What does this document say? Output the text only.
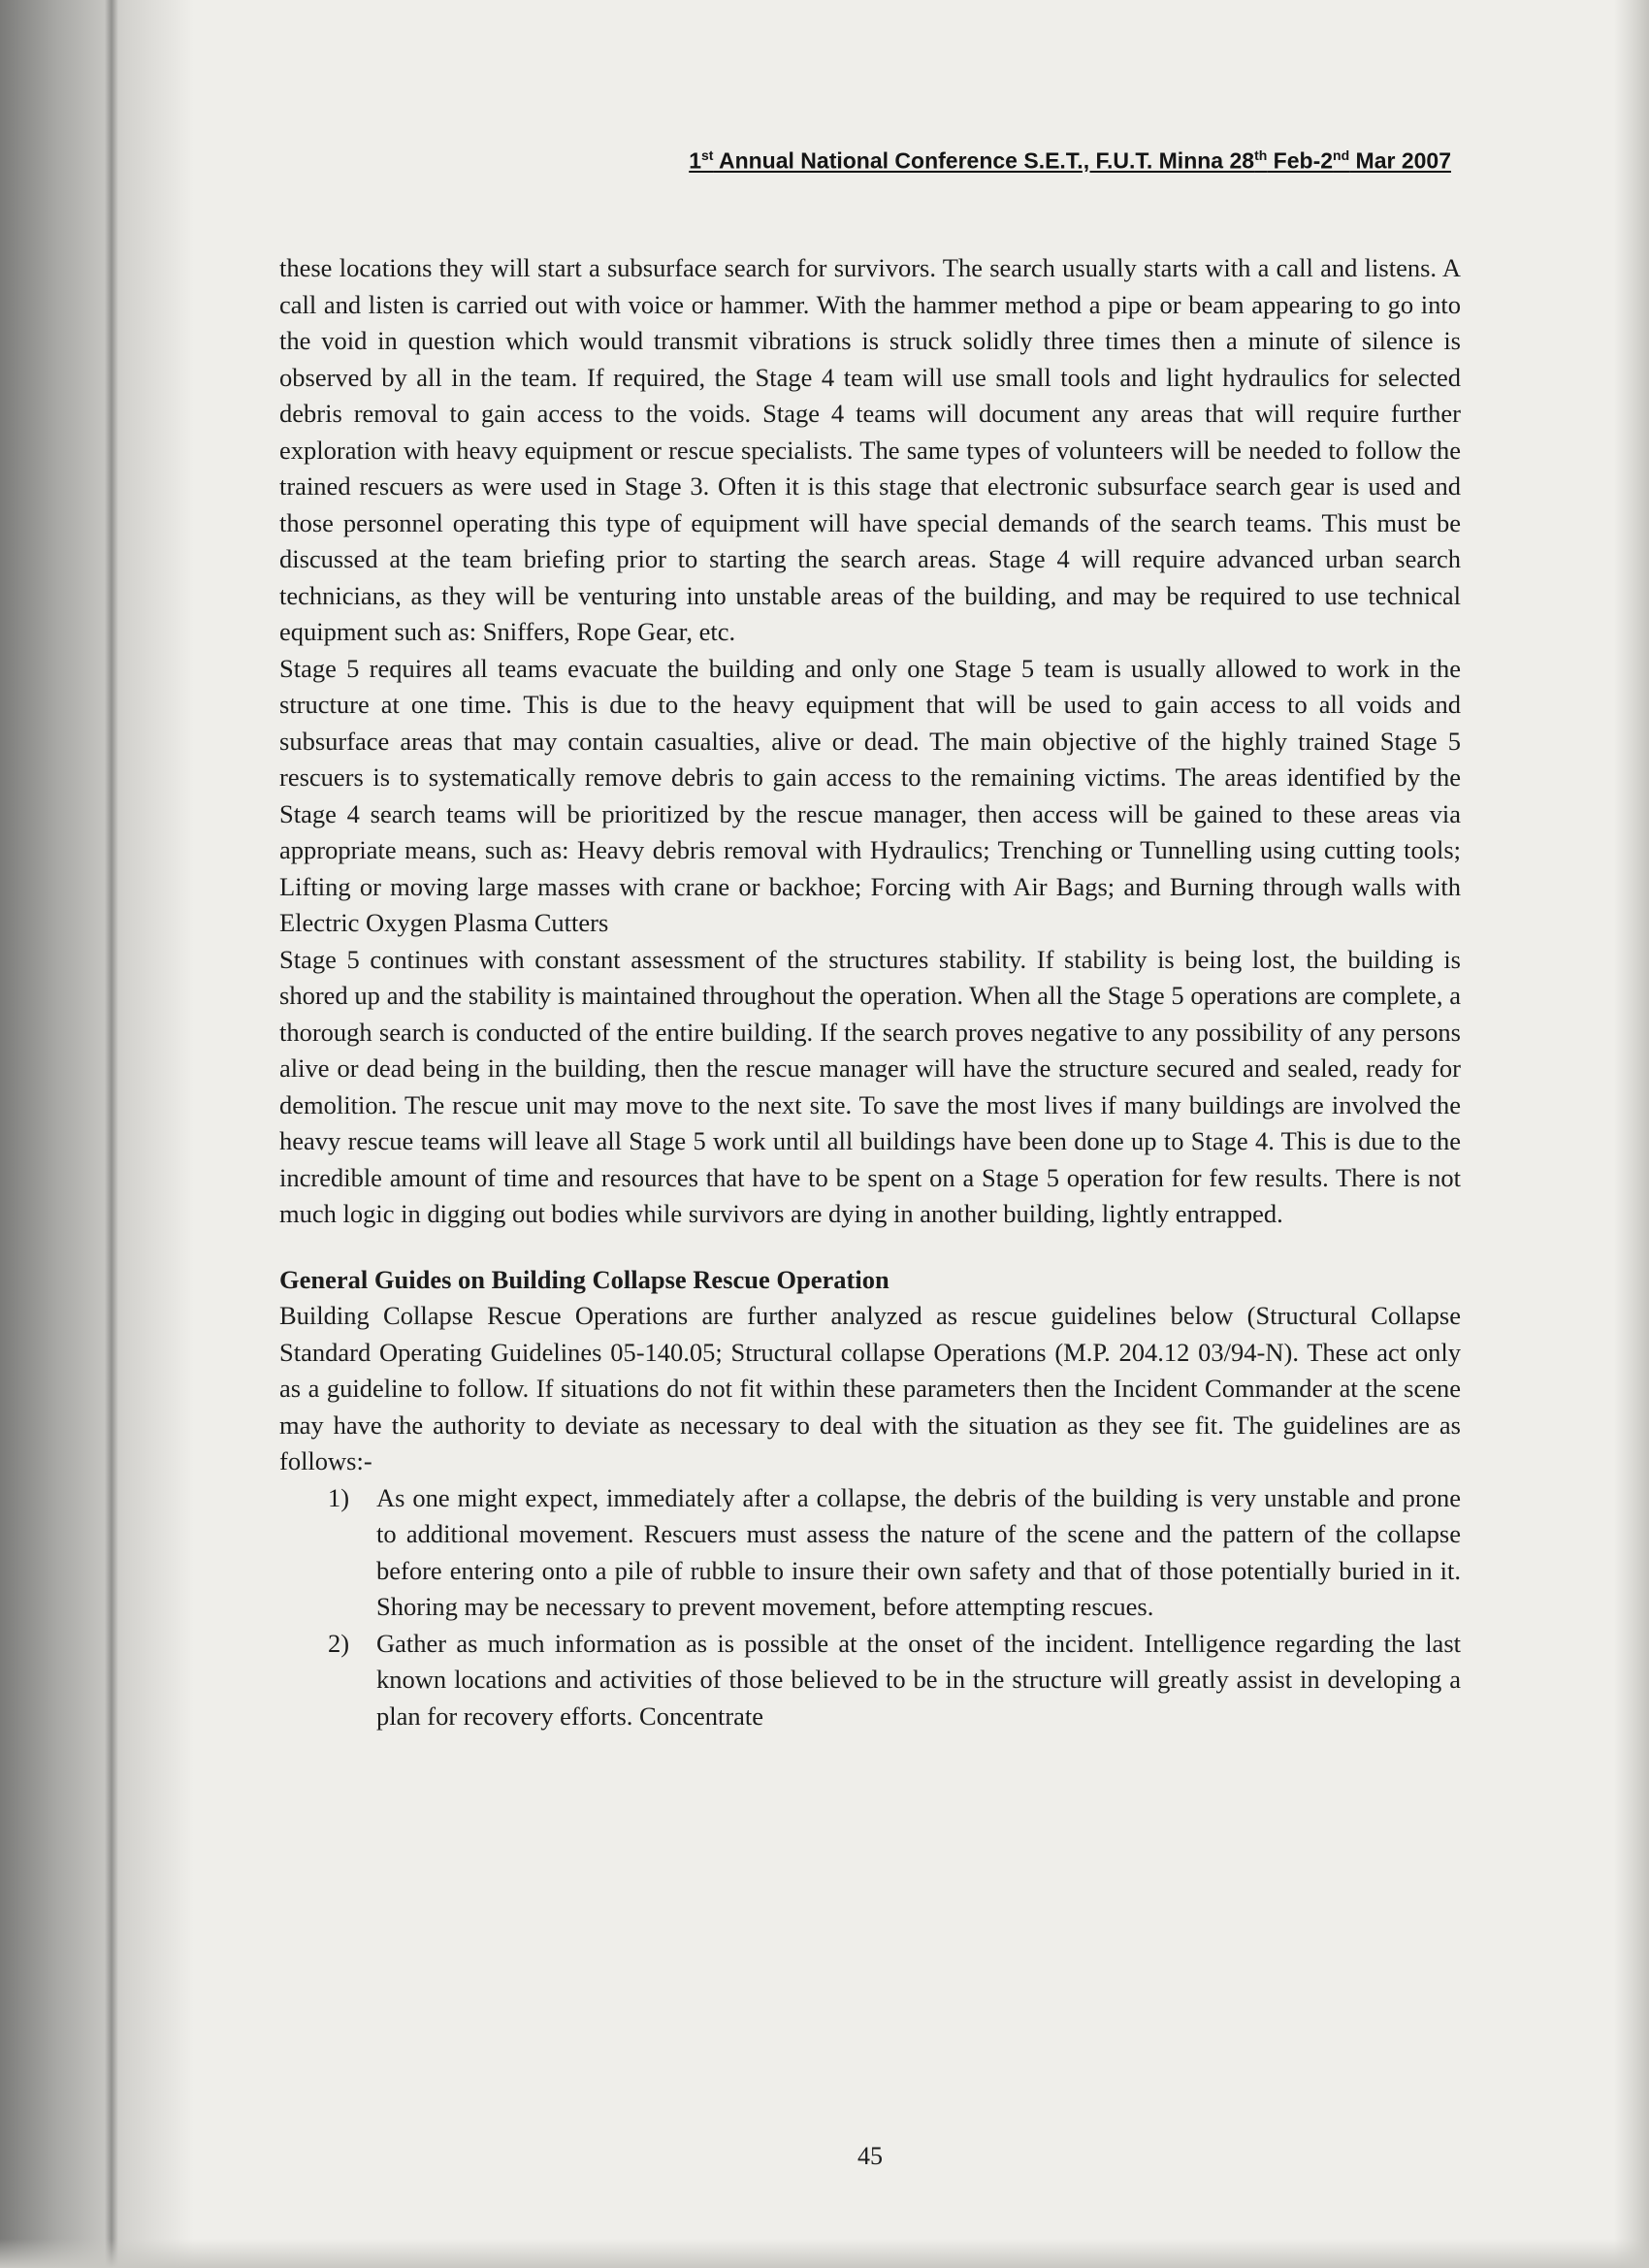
1st Annual National Conference S.E.T., F.U.T. Minna 28th Feb-2nd Mar 2007

these locations they will start a subsurface search for survivors. The search usually starts with a call and listens. A call and listen is carried out with voice or hammer. With the hammer method a pipe or beam appearing to go into the void in question which would transmit vibrations is struck solidly three times then a minute of silence is observed by all in the team. If required, the Stage 4 team will use small tools and light hydraulics for selected debris removal to gain access to the voids. Stage 4 teams will document any areas that will require further exploration with heavy equipment or rescue specialists. The same types of volunteers will be needed to follow the trained rescuers as were used in Stage 3. Often it is this stage that electronic subsurface search gear is used and those personnel operating this type of equipment will have special demands of the search teams. This must be discussed at the team briefing prior to starting the search areas. Stage 4 will require advanced urban search technicians, as they will be venturing into unstable areas of the building, and may be required to use technical equipment such as: Sniffers, Rope Gear, etc.

Stage 5 requires all teams evacuate the building and only one Stage 5 team is usually allowed to work in the structure at one time. This is due to the heavy equipment that will be used to gain access to all voids and subsurface areas that may contain casualties, alive or dead. The main objective of the highly trained Stage 5 rescuers is to systematically remove debris to gain access to the remaining victims. The areas identified by the Stage 4 search teams will be prioritized by the rescue manager, then access will be gained to these areas via appropriate means, such as: Heavy debris removal with Hydraulics; Trenching or Tunnelling using cutting tools; Lifting or moving large masses with crane or backhoe; Forcing with Air Bags; and Burning through walls with Electric Oxygen Plasma Cutters

Stage 5 continues with constant assessment of the structures stability. If stability is being lost, the building is shored up and the stability is maintained throughout the operation. When all the Stage 5 operations are complete, a thorough search is conducted of the entire building. If the search proves negative to any possibility of any persons alive or dead being in the building, then the rescue manager will have the structure secured and sealed, ready for demolition. The rescue unit may move to the next site. To save the most lives if many buildings are involved the heavy rescue teams will leave all Stage 5 work until all buildings have been done up to Stage 4. This is due to the incredible amount of time and resources that have to be spent on a Stage 5 operation for few results. There is not much logic in digging out bodies while survivors are dying in another building, lightly entrapped.

General Guides on Building Collapse Rescue Operation

Building Collapse Rescue Operations are further analyzed as rescue guidelines below (Structural Collapse Standard Operating Guidelines 05-140.05; Structural collapse Operations (M.P. 204.12 03/94-N). These act only as a guideline to follow. If situations do not fit within these parameters then the Incident Commander at the scene may have the authority to deviate as necessary to deal with the situation as they see fit. The guidelines are as follows:-

1) As one might expect, immediately after a collapse, the debris of the building is very unstable and prone to additional movement. Rescuers must assess the nature of the scene and the pattern of the collapse before entering onto a pile of rubble to insure their own safety and that of those potentially buried in it. Shoring may be necessary to prevent movement, before attempting rescues.
2) Gather as much information as is possible at the onset of the incident. Intelligence regarding the last known locations and activities of those believed to be in the structure will greatly assist in developing a plan for recovery efforts. Concentrate
45
